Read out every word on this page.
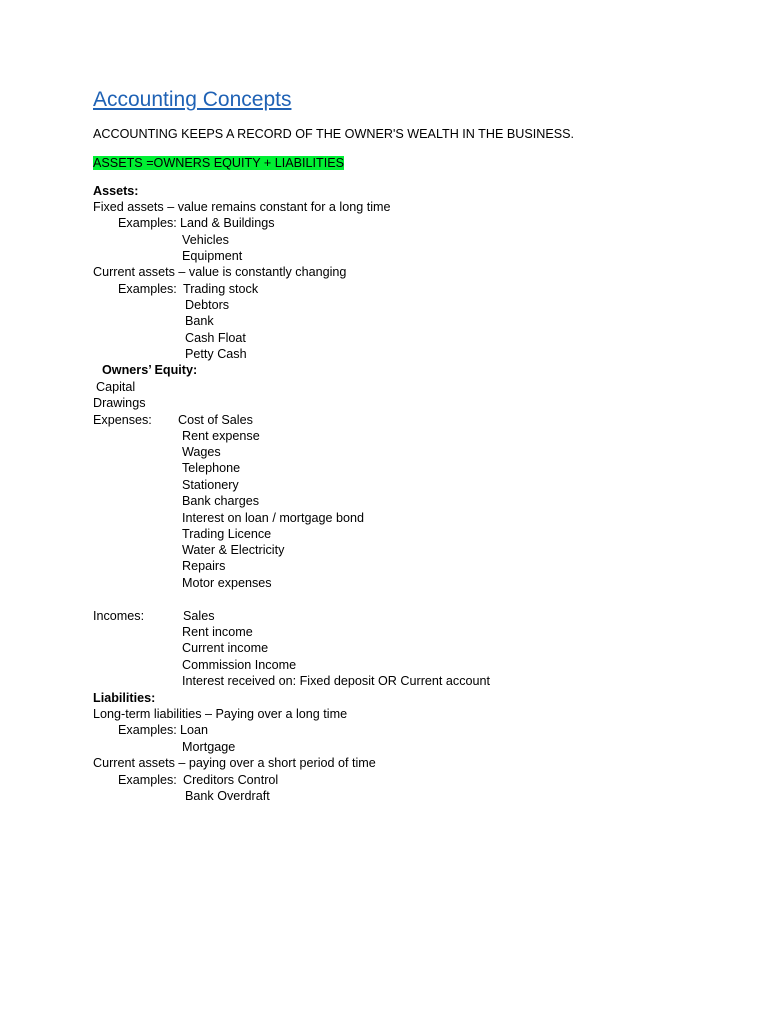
Accounting Concepts
ACCOUNTING KEEPS A RECORD OF THE OWNER'S WEALTH IN THE BUSINESS.
ASSETS =OWNERS EQUITY + LIABILITIES
Assets:
Fixed assets – value remains constant for a long time
Examples: Land & Buildings
Vehicles
Equipment
Current assets – value is constantly changing
Examples: Trading stock
Debtors
Bank
Cash Float
Petty Cash
Owners’ Equity:
Capital
Drawings
Expenses: Cost of Sales
Rent expense
Wages
Telephone
Stationery
Bank charges
Interest on loan / mortgage bond
Trading Licence
Water & Electricity
Repairs
Motor expenses
Incomes:	Sales
Rent income
Current income
Commission Income
Interest received on: Fixed deposit OR Current account
Liabilities:
Long-term liabilities – Paying over a long time
Examples: Loan
Mortgage
Current assets – paying over a short period of time
Examples: Creditors Control
Bank Overdraft
